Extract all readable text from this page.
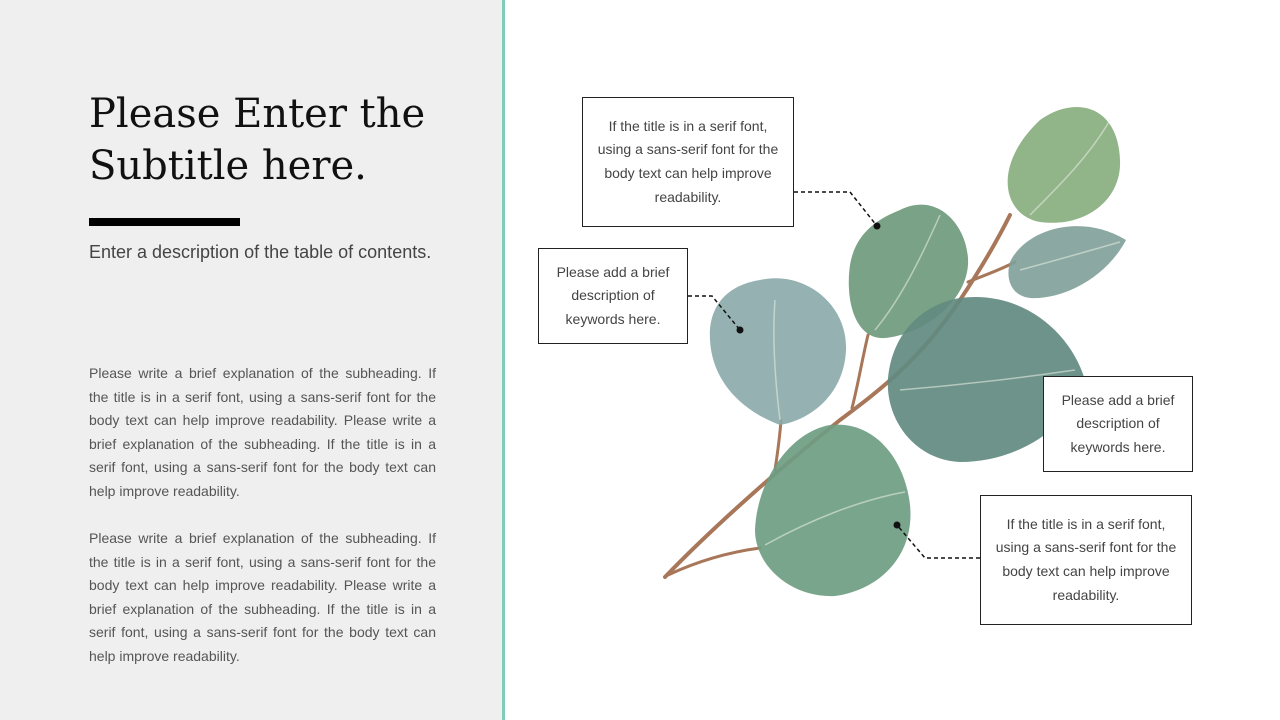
Please Enter the
Subtitle here.
Enter a description of the table of contents.

Please write a brief explanation of the subheading. If the title is in a serif font, using a sans-serif font for the body text can help improve readability. Please write a brief explanation of the subheading. If the title is in a serif font, using a sans-serif font for the body text can help improve readability.

Please write a brief explanation of the subheading. If the title is in a serif font, using a sans-serif font for the body text can help improve readability. Please write a brief explanation of the subheading. If the title is in a serif font, using a sans-serif font for the body text can help improve readability.

If the title is in a serif font, using a sans-serif font for the body text can help improve readability.
Please add a brief description of keywords here.
Please add a brief description of keywords here.
If the title is in a serif font, using a sans-serif font for the body text can help improve readability.
